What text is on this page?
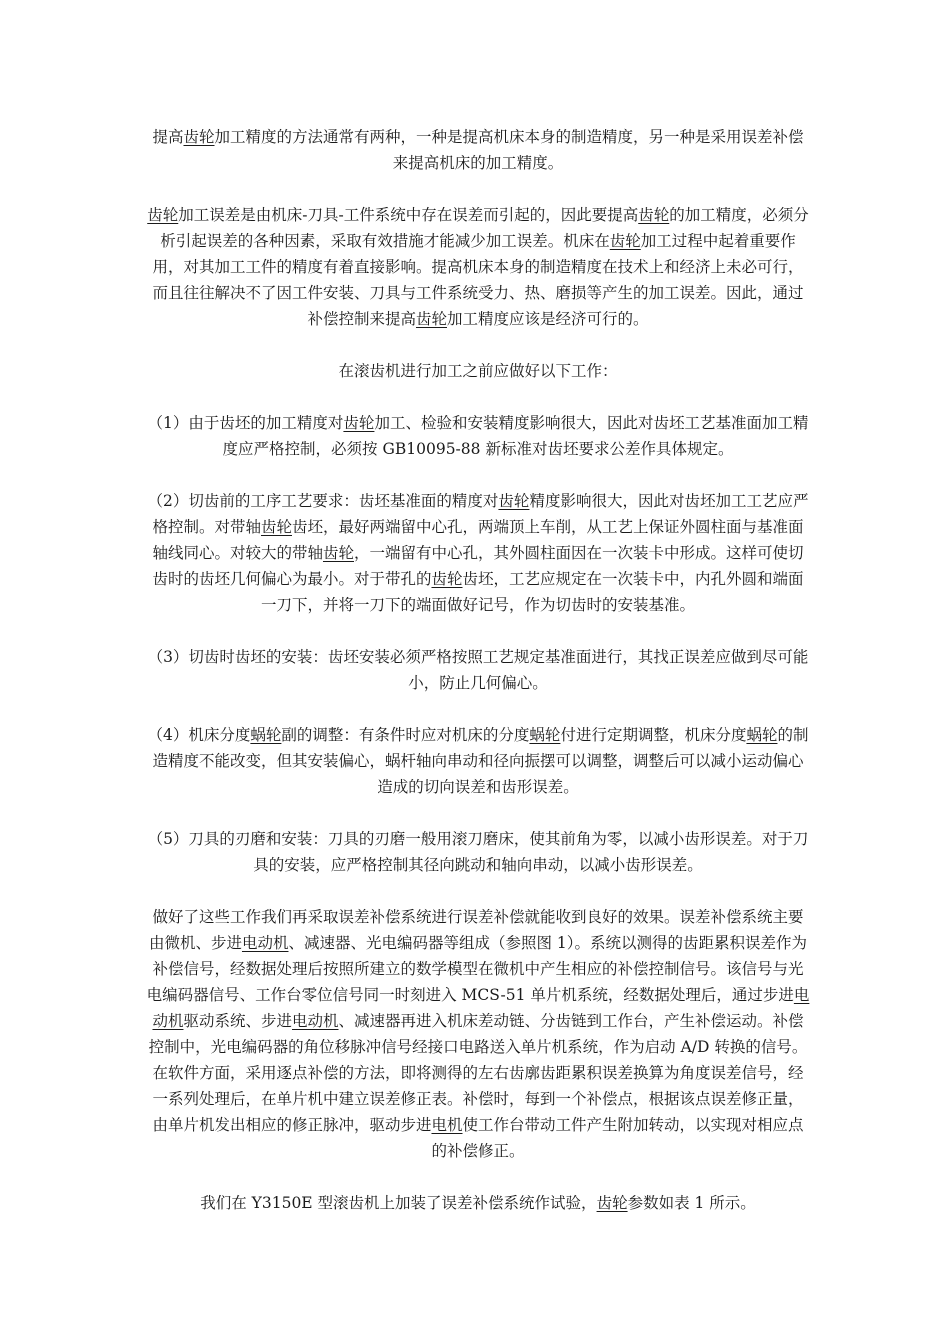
提高齿轮加工精度的方法通常有两种，一种是提高机床本身的制造精度，另一种是采用误差补偿来提高机床的加工精度。

齿轮加工误差是由机床-刀具-工件系统中存在误差而引起的，因此要提高齿轮的加工精度，必须分析引起误差的各种因素，采取有效措施才能减少加工误差。机床在齿轮加工过程中起着重要作用，对其加工工件的精度有着直接影响。提高机床本身的制造精度在技术上和经济上未必可行，而且往往解决不了因工件安装、刀具与工件系统受力、热、磨损等产生的加工误差。因此，通过补偿控制来提高齿轮加工精度应该是经济可行的。

在滚齿机进行加工之前应做好以下工作：

（1）由于齿坯的加工精度对齿轮加工、检验和安装精度影响很大，因此对齿坯工艺基准面加工精度应严格控制，必须按 GB10095-88 新标准对齿坯要求公差作具体规定。

（2）切齿前的工序工艺要求：齿坯基准面的精度对齿轮精度影响很大，因此对齿坯加工工艺应严格控制。对带轴齿轮齿坯，最好两端留中心孔，两端顶上车削，从工艺上保证外圆柱面与基准面轴线同心。对较大的带轴齿轮，一端留有中心孔，其外圆柱面因在一次装卡中形成。这样可使切齿时的齿坯几何偏心为最小。对于带孔的齿轮齿坯，工艺应规定在一次装卡中，内孔外圆和端面一刀下，并将一刀下的端面做好记号，作为切齿时的安装基准。

（3）切齿时齿坯的安装：齿坯安装必须严格按照工艺规定基准面进行，其找正误差应做到尽可能小，防止几何偏心。

（4）机床分度蜗轮副的调整：有条件时应对机床的分度蜗轮付进行定期调整，机床分度蜗轮的制造精度不能改变，但其安装偏心，蜗杆轴向串动和径向振摆可以调整，调整后可以减小运动偏心造成的切向误差和齿形误差。

（5）刀具的刃磨和安装：刀具的刃磨一般用滚刀磨床，使其前角为零，以减小齿形误差。对于刀具的安装，应严格控制其径向跳动和轴向串动，以减小齿形误差。

做好了这些工作我们再采取误差补偿系统进行误差补偿就能收到良好的效果。误差补偿系统主要由微机、步进电动机、减速器、光电编码器等组成（参照图 1）。系统以测得的齿距累积误差作为补偿信号，经数据处理后按照所建立的数学模型在微机中产生相应的补偿控制信号。该信号与光电编码器信号、工作台零位信号同一时刻进入 MCS-51 单片机系统，经数据处理后，通过步进电动机驱动系统、步进电动机、减速器再进入机床差动链、分齿链到工作台，产生补偿运动。补偿控制中，光电编码器的角位移脉冲信号经接口电路送入单片机系统，作为启动 A/D 转换的信号。在软件方面，采用逐点补偿的方法，即将测得的左右齿廓齿距累积误差换算为角度误差信号，经一系列处理后，在单片机中建立误差修正表。补偿时，每到一个补偿点，根据该点误差修正量，由单片机发出相应的修正脉冲，驱动步进电机使工作台带动工件产生附加转动，以实现对相应点的补偿修正。

我们在 Y3150E 型滚齿机上加装了误差补偿系统作试验，齿轮参数如表 1 所示。
